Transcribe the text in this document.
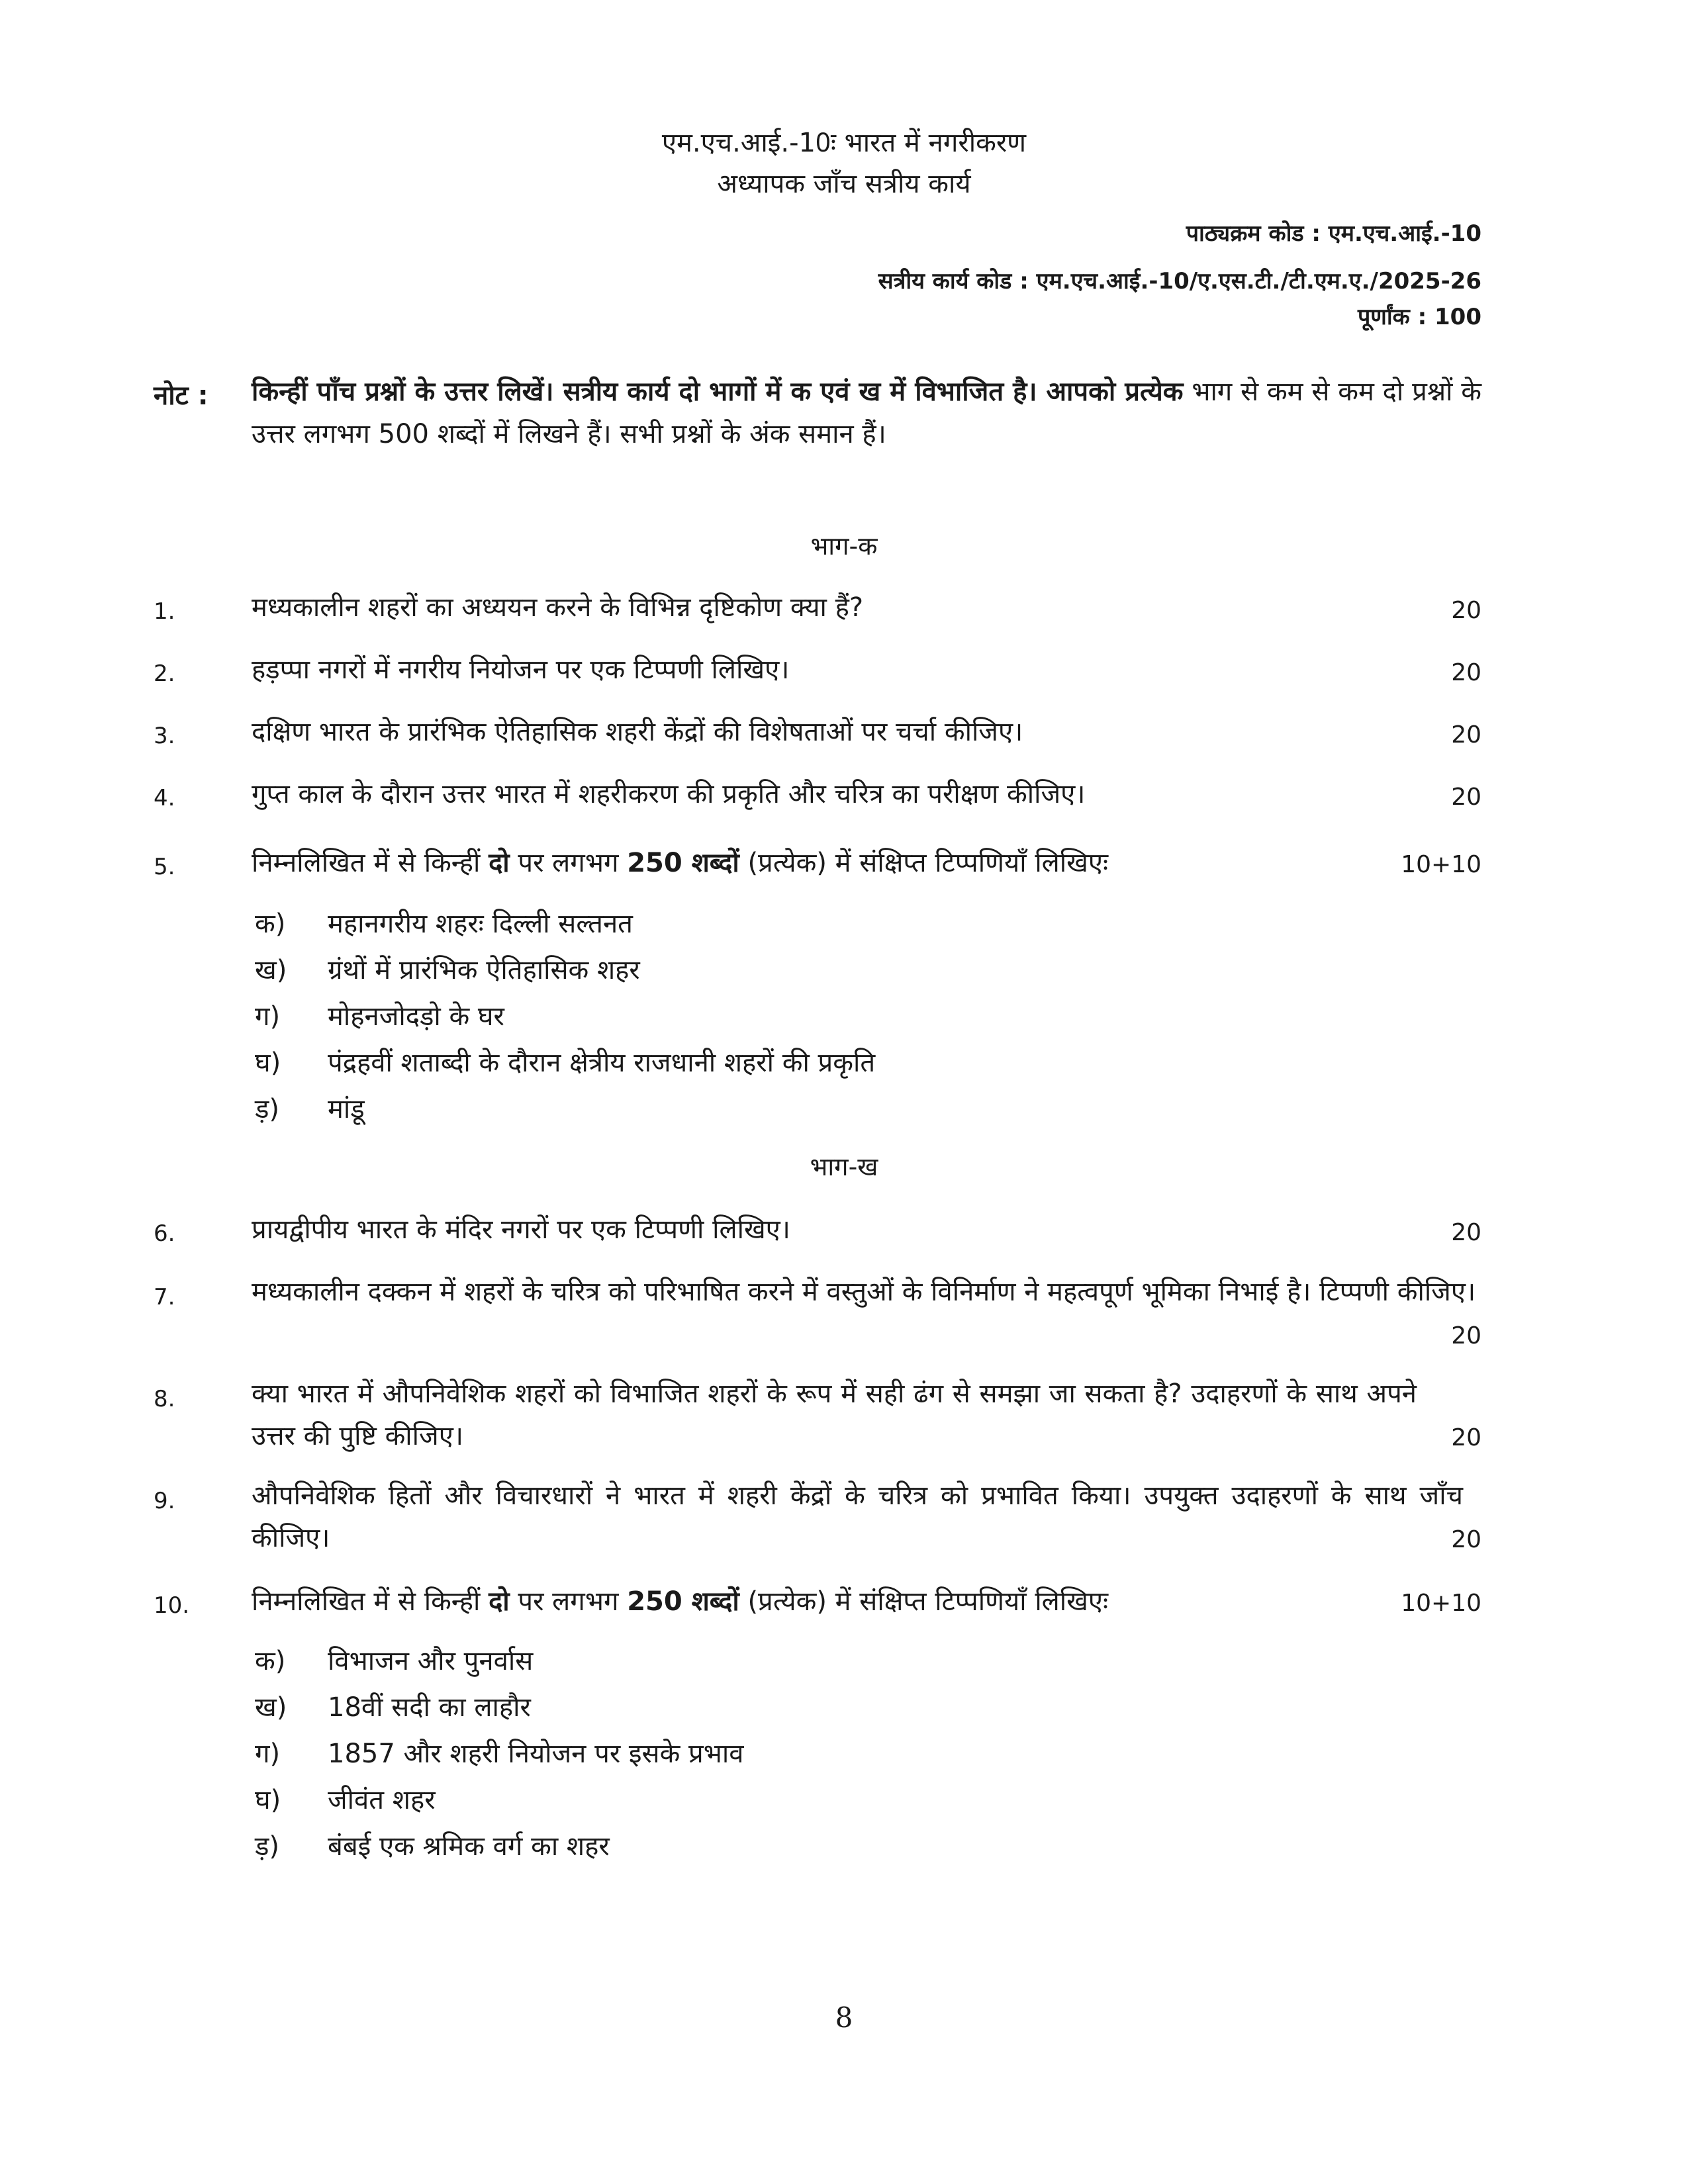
एम.एच.आई.-10ः भारत में नगरीकरण
अध्यापक जाँच सत्रीय कार्य
पाठ्यक्रम कोड : एम.एच.आई.-10
सत्रीय कार्य कोड : एम.एच.आई.-10/ए.एस.टी./टी.एम.ए./2025-26
पूर्णांक : 100
नोट : किन्हीं पाँच प्रश्नों के उत्तर लिखें। सत्रीय कार्य दो भागों में क एवं ख में विभाजित है। आपको प्रत्येक भाग से कम से कम दो प्रश्नों के उत्तर लगभग 500 शब्दों में लिखने हैं। सभी प्रश्नों के अंक समान हैं।
भाग-क
1.	मध्यकालीन शहरों का अध्ययन करने के विभिन्न दृष्टिकोण क्या हैं?	20
2.	हड़प्पा नगरों में नगरीय नियोजन पर एक टिप्पणी लिखिए।	20
3.	दक्षिण भारत के प्रारंभिक ऐतिहासिक शहरी केंद्रों की विशेषताओं पर चर्चा कीजिए।	20
4.	गुप्त काल के दौरान उत्तर भारत में शहरीकरण की प्रकृति और चरित्र का परीक्षण कीजिए।	20
5.	निम्नलिखित में से किन्हीं दो पर लगभग 250 शब्दों (प्रत्येक) में संक्षिप्त टिप्पणियाँ लिखिएः	10+10
क) महानगरीय शहरः दिल्ली सल्तनत
ख) ग्रंथों में प्रारंभिक ऐतिहासिक शहर
ग) मोहनजोदड़ो के घर
घ) पंद्रहवीं शताब्दी के दौरान क्षेत्रीय राजधानी शहरों की प्रकृति
ड़) मांडू
भाग-ख
6.	प्रायद्वीपीय भारत के मंदिर नगरों पर एक टिप्पणी लिखिए।	20
7.	मध्यकालीन दक्कन में शहरों के चरित्र को परिभाषित करने में वस्तुओं के विनिर्माण ने महत्वपूर्ण भूमिका निभाई है। टिप्पणी कीजिए।
20
8.	क्या भारत में औपनिवेशिक शहरों को विभाजित शहरों के रूप में सही ढंग से समझा जा सकता है? उदाहरणों के साथ अपने उत्तर की पुष्टि कीजिए।	20
9.	औपनिवेशिक हितों और विचारधारों ने भारत में शहरी केंद्रों के चरित्र को प्रभावित किया। उपयुक्त उदाहरणों के साथ जाँच कीजिए।	20
10. निम्नलिखित में से किन्हीं दो पर लगभग 250 शब्दों (प्रत्येक) में संक्षिप्त टिप्पणियाँ लिखिएः	10+10
क) विभाजन और पुनर्वास
ख) 18वीं सदी का लाहौर
ग) 1857 और शहरी नियोजन पर इसके प्रभाव
घ) जीवंत शहर
ड़) बंबई एक श्रमिक वर्ग का शहर
8
